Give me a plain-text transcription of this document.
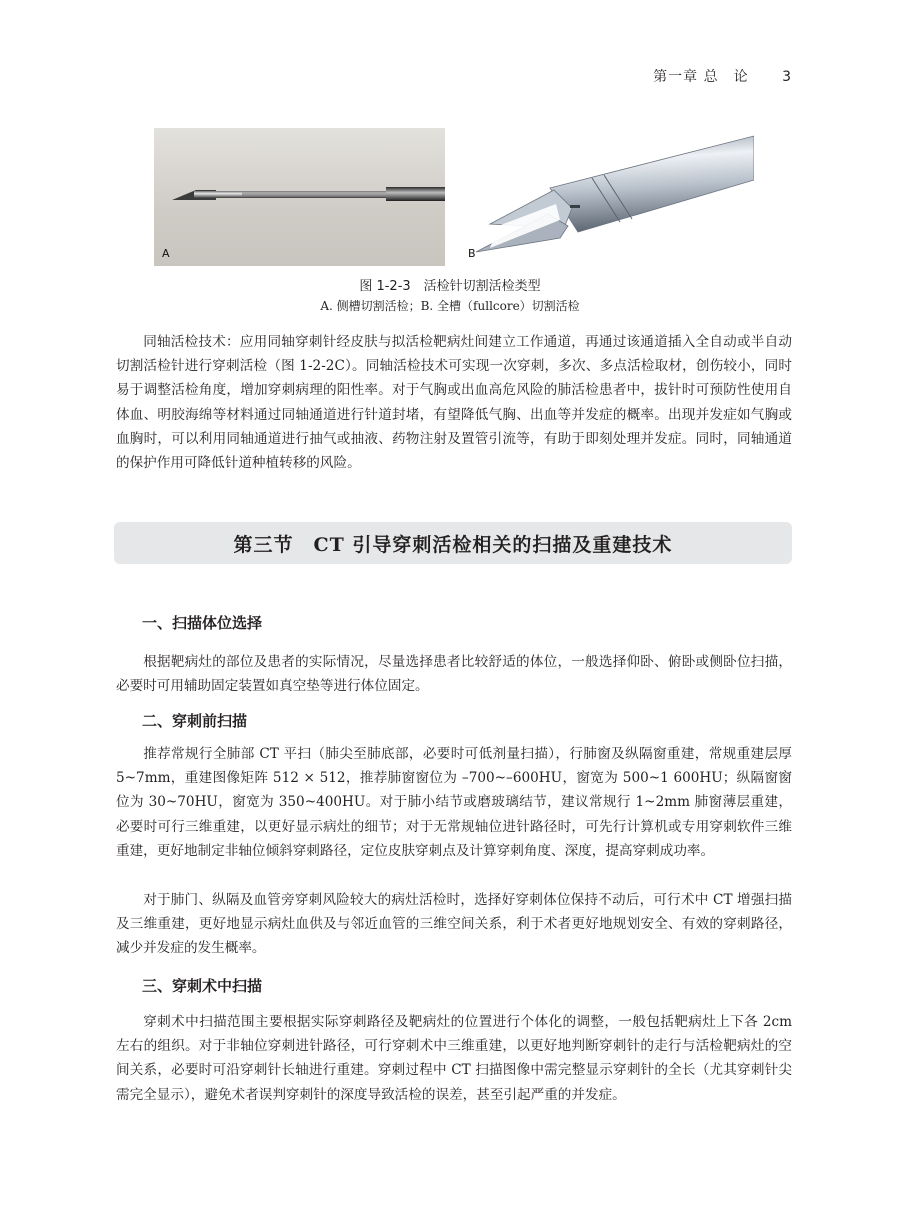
第一章 总　论 3
A	B
图 1-2-3　活检针切割活检类型
A. 侧槽切割活检；B. 全槽（fullcore）切割活检

同轴活检技术：应用同轴穿刺针经皮肤与拟活检靶病灶间建立工作通道，再通过该通道插入全自动或半自动切割活检针进行穿刺活检（图 1-2-2C）。同轴活检技术可实现一次穿刺，多次、多点活检取材，创伤较小，同时易于调整活检角度，增加穿刺病理的阳性率。对于气胸或出血高危风险的肺活检患者中，拔针时可预防性使用自体血、明胶海绵等材料通过同轴通道进行针道封堵，有望降低气胸、出血等并发症的概率。出现并发症如气胸或血胸时，可以利用同轴通道进行抽气或抽液、药物注射及置管引流等，有助于即刻处理并发症。同时，同轴通道的保护作用可降低针道种植转移的风险。

第三节　CT 引导穿刺活检相关的扫描及重建技术
一、扫描体位选择

根据靶病灶的部位及患者的实际情况，尽量选择患者比较舒适的体位，一般选择仰卧、俯卧或侧卧位扫描，必要时可用辅助固定装置如真空垫等进行体位固定。

二、穿刺前扫描

推荐常规行全肺部 CT 平扫（肺尖至肺底部，必要时可低剂量扫描），行肺窗及纵隔窗重建，常规重建层厚 5~7mm，重建图像矩阵 512 × 512，推荐肺窗窗位为 –700~–600HU，窗宽为 500~1 600HU；纵隔窗窗位为 30~70HU，窗宽为 350~400HU。对于肺小结节或磨玻璃结节，建议常规行 1~2mm 肺窗薄层重建，必要时可行三维重建，以更好显示病灶的细节；对于无常规轴位进针路径时，可先行计算机或专用穿刺软件三维重建，更好地制定非轴位倾斜穿刺路径，定位皮肤穿刺点及计算穿刺角度、深度，提高穿刺成功率。

对于肺门、纵隔及血管旁穿刺风险较大的病灶活检时，选择好穿刺体位保持不动后，可行术中 CT 增强扫描及三维重建，更好地显示病灶血供及与邻近血管的三维空间关系，利于术者更好地规划安全、有效的穿刺路径，减少并发症的发生概率。

三、穿刺术中扫描

穿刺术中扫描范围主要根据实际穿刺路径及靶病灶的位置进行个体化的调整，一般包括靶病灶上下各 2cm 左右的组织。对于非轴位穿刺进针路径，可行穿刺术中三维重建，以更好地判断穿刺针的走行与活检靶病灶的空间关系，必要时可沿穿刺针长轴进行重建。穿刺过程中 CT 扫描图像中需完整显示穿刺针的全长（尤其穿刺针尖需完全显示），避免术者误判穿刺针的深度导致活检的误差，甚至引起严重的并发症。
